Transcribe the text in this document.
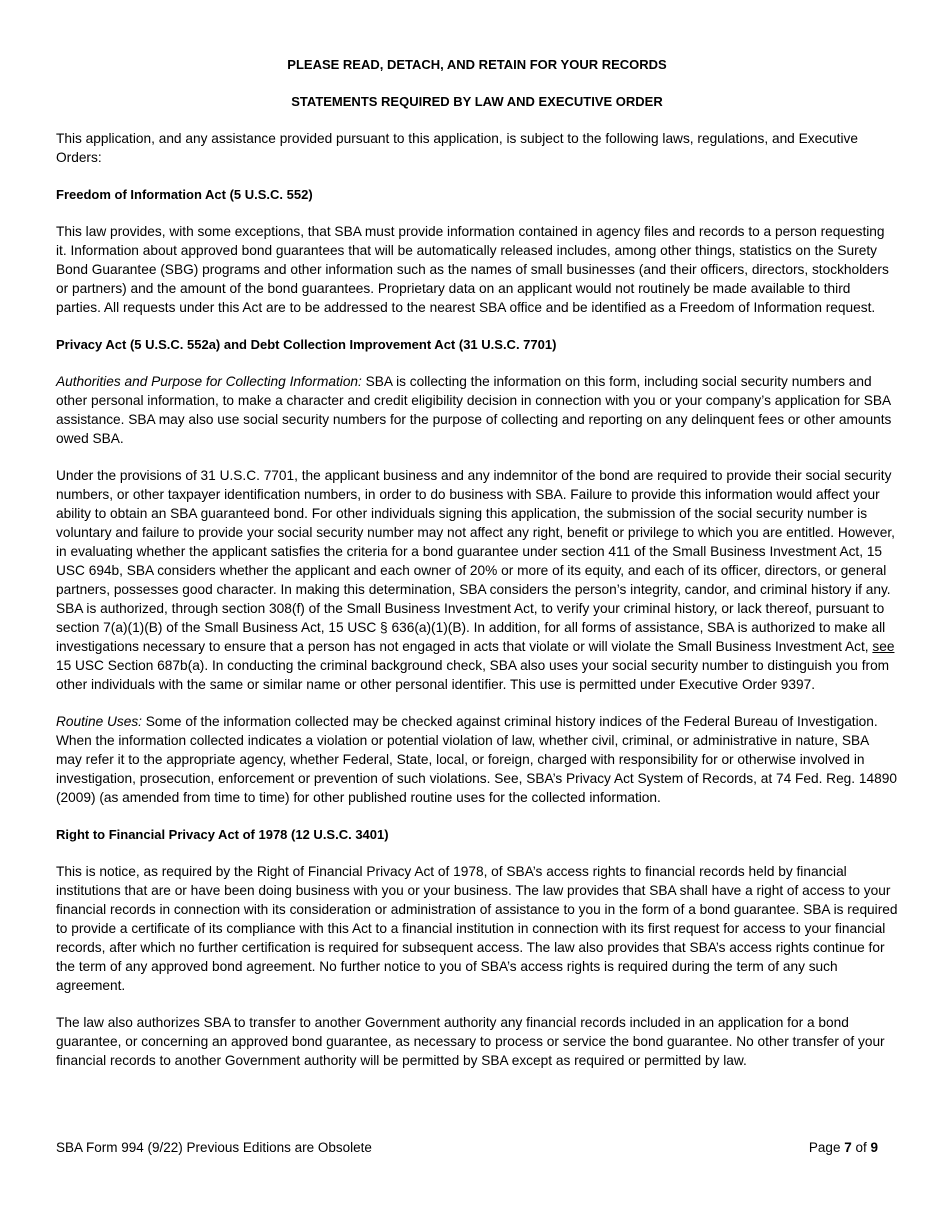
PLEASE READ, DETACH, AND RETAIN FOR YOUR RECORDS
STATEMENTS REQUIRED BY LAW AND EXECUTIVE ORDER

This application, and any assistance provided pursuant to this application, is subject to the following laws, regulations, and Executive Orders:

Freedom of Information Act (5 U.S.C. 552)

This law provides, with some exceptions, that SBA must provide information contained in agency files and records to a person requesting it. Information about approved bond guarantees that will be automatically released includes, among other things, statistics on the Surety Bond Guarantee (SBG) programs and other information such as the names of small businesses (and their officers, directors, stockholders or partners) and the amount of the bond guarantees. Proprietary data on an applicant would not routinely be made available to third parties. All requests under this Act are to be addressed to the nearest SBA office and be identified as a Freedom of Information request.

Privacy Act (5 U.S.C. 552a) and Debt Collection Improvement Act (31 U.S.C. 7701)

Authorities and Purpose for Collecting Information: SBA is collecting the information on this form, including social security numbers and other personal information, to make a character and credit eligibility decision in connection with you or your company’s application for SBA assistance. SBA may also use social security numbers for the purpose of collecting and reporting on any delinquent fees or other amounts owed SBA.

Under the provisions of 31 U.S.C. 7701, the applicant business and any indemnitor of the bond are required to provide their social security numbers, or other taxpayer identification numbers, in order to do business with SBA. Failure to provide this information would affect your ability to obtain an SBA guaranteed bond. For other individuals signing this application, the submission of the social security number is voluntary and failure to provide your social security number may not affect any right, benefit or privilege to which you are entitled. However, in evaluating whether the applicant satisfies the criteria for a bond guarantee under section 411 of the Small Business Investment Act, 15 USC 694b, SBA considers whether the applicant and each owner of 20% or more of its equity, and each of its officer, directors, or general partners, possesses good character. In making this determination, SBA considers the person’s integrity, candor, and criminal history if any. SBA is authorized, through section 308(f) of the Small Business Investment Act, to verify your criminal history, or lack thereof, pursuant to section 7(a)(1)(B) of the Small Business Act, 15 USC § 636(a)(1)(B). In addition, for all forms of assistance, SBA is authorized to make all investigations necessary to ensure that a person has not engaged in acts that violate or will violate the Small Business Investment Act, see 15 USC Section 687b(a). In conducting the criminal background check, SBA also uses your social security number to distinguish you from other individuals with the same or similar name or other personal identifier. This use is permitted under Executive Order 9397.

Routine Uses: Some of the information collected may be checked against criminal history indices of the Federal Bureau of Investigation. When the information collected indicates a violation or potential violation of law, whether civil, criminal, or administrative in nature, SBA may refer it to the appropriate agency, whether Federal, State, local, or foreign, charged with responsibility for or otherwise involved in investigation, prosecution, enforcement or prevention of such violations. See, SBA’s Privacy Act System of Records, at 74 Fed. Reg. 14890 (2009) (as amended from time to time) for other published routine uses for the collected information.

Right to Financial Privacy Act of 1978 (12 U.S.C. 3401)

This is notice, as required by the Right of Financial Privacy Act of 1978, of SBA’s access rights to financial records held by financial institutions that are or have been doing business with you or your business. The law provides that SBA shall have a right of access to your financial records in connection with its consideration or administration of assistance to you in the form of a bond guarantee. SBA is required to provide a certificate of its compliance with this Act to a financial institution in connection with its first request for access to your financial records, after which no further certification is required for subsequent access. The law also provides that SBA’s access rights continue for the term of any approved bond agreement. No further notice to you of SBA’s access rights is required during the term of any such agreement.

The law also authorizes SBA to transfer to another Government authority any financial records included in an application for a bond guarantee, or concerning an approved bond guarantee, as necessary to process or service the bond guarantee. No other transfer of your financial records to another Government authority will be permitted by SBA except as required or permitted by law.

SBA Form 994 (9/22) Previous Editions are Obsolete	Page 7 of 9
